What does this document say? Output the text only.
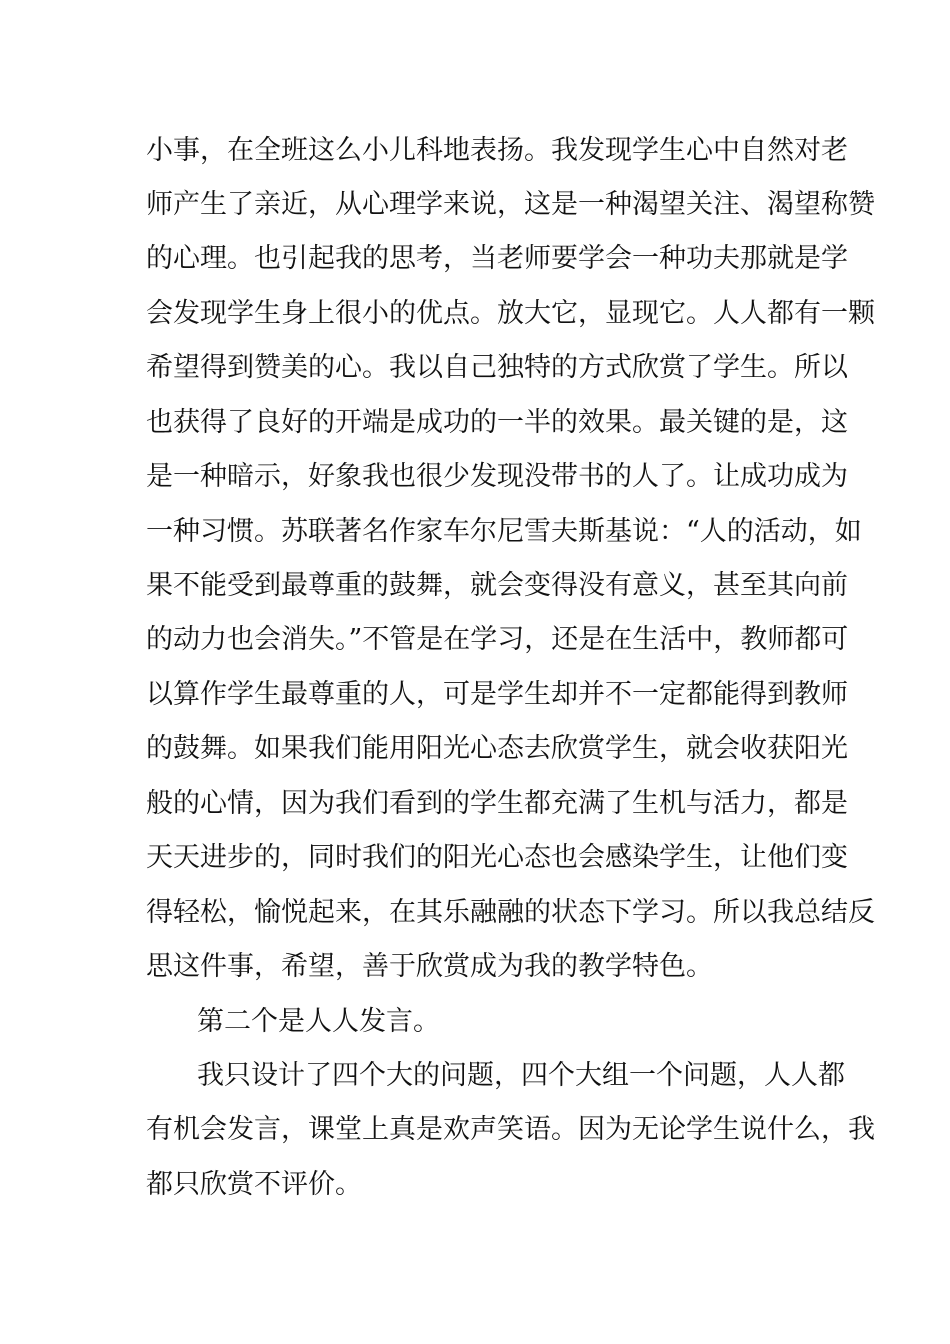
小事，在全班这么小儿科地表扬。我发现学生心中自然对老
师产生了亲近，从心理学来说，这是一种渴望关注、渴望称赞
的心理。也引起我的思考，当老师要学会一种功夫那就是学
会发现学生身上很小的优点。放大它，显现它。人人都有一颗
希望得到赞美的心。我以自己独特的方式欣赏了学生。所以
也获得了良好的开端是成功的一半的效果。最关键的是，这
是一种暗示，好象我也很少发现没带书的人了。让成功成为
一种习惯。苏联著名作家车尔尼雪夫斯基说：“人的活动，如
果不能受到最尊重的鼓舞，就会变得没有意义，甚至其向前
的动力也会消失。”不管是在学习，还是在生活中，教师都可
以算作学生最尊重的人，可是学生却并不一定都能得到教师
的鼓舞。如果我们能用阳光心态去欣赏学生，就会收获阳光
般的心情，因为我们看到的学生都充满了生机与活力，都是
天天进步的，同时我们的阳光心态也会感染学生，让他们变
得轻松，愉悦起来，在其乐融融的状态下学习。所以我总结反
思这件事，希望，善于欣赏成为我的教学特色。
第二个是人人发言。
我只设计了四个大的问题，四个大组一个问题，人人都
有机会发言，课堂上真是欢声笑语。因为无论学生说什么，我
都只欣赏不评价。
